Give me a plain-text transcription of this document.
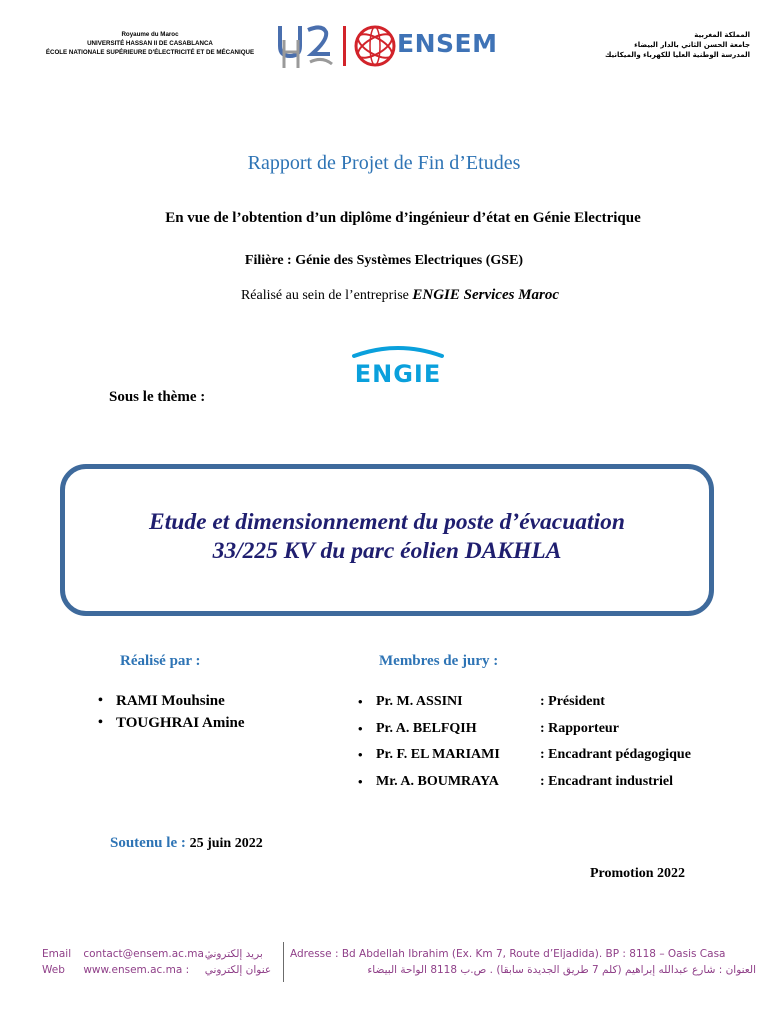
Royaume du Maroc
UNIVERSITÉ HASSAN II DE CASABLANCA
ÉCOLE NATIONALE SUPÉRIEURE D'ÉLECTRICITÉ ET DE MÉCANIQUE	ENSEM	المملكة المغربية
جامعة الحسن الثاني بالدار البيضاء
المدرسة الوطنية العليا للكهرباء والميكانيك
Rapport de Projet de Fin d’Etudes
En vue de l’obtention d’un diplôme d’ingénieur d’état en Génie Electrique
Filière : Génie des Systèmes Electriques (GSE)
Réalisé au sein de l’entreprise ENGIE Services Maroc
ENGIE
Sous le thème :
Etude et dimensionnement du poste d’évacuation
33/225 KV du parc éolien DAKHLA
Réalisé par :	Membres de jury :
• RAMI Mouhsine
• TOUGHRAI Amine
• Pr. M. ASSINI	: Président
• Pr. A. BELFQIH	: Rapporteur
• Pr. F. EL MARIAMI	: Encadrant pédagogique
• Mr. A. BOUMRAYA	: Encadrant industriel
Soutenu le : 25 juin 2022
Promotion 2022
Email contact@ensem.ac.ma : بريد إلكتروني
Web www.ensem.ac.ma : عنوان إلكتروني
Adresse : Bd Abdellah Ibrahim (Ex. Km 7, Route d’Eljadida). BP : 8118 – Oasis Casa
العنوان : شارع عبدالله إبراهيم (كلم 7 طريق الجديدة سابقا) . ص.ب 8118 الواحة البيضاء
